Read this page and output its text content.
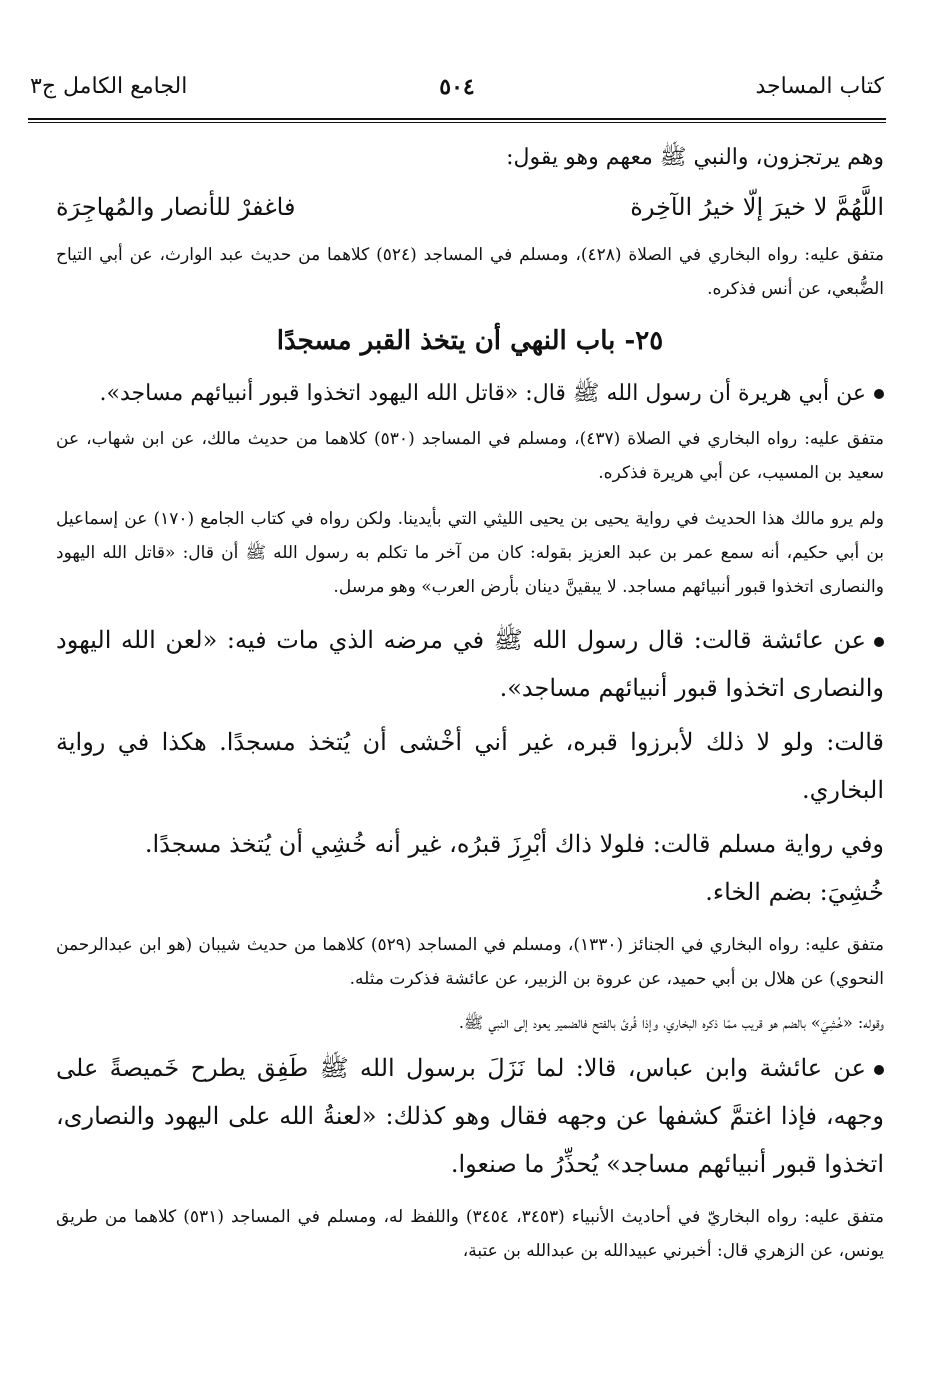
كتاب المساجد
٥٠٤
الجامع الكامل ج٣

وهم يرتجزون، والنبي ﷺ معهم وهو يقول:

اللَّهُمَّ لا خيرَ إلّا خيرُ الآخِرة
فاغفرْ للأنصار والمُهاجِرَة

متفق عليه: رواه البخاري في الصلاة (٤٢٨)، ومسلم في المساجد (٥٢٤) كلاهما من حديث عبد الوارث، عن أبي التياح الضُّبعي، عن أنس فذكره.

٢٥- باب النهي أن يتخذ القبر مسجدًا

عن أبي هريرة أن رسول الله ﷺ قال: «قاتل الله اليهود اتخذوا قبور أنبيائهم مساجد».

متفق عليه: رواه البخاري في الصلاة (٤٣٧)، ومسلم في المساجد (٥٣٠) كلاهما من حديث مالك، عن ابن شهاب، عن سعيد بن المسيب، عن أبي هريرة فذكره.

ولم يرو مالك هذا الحديث في رواية يحيى بن يحيى الليثي التي بأيدينا. ولكن رواه في كتاب الجامع (١٧٠) عن إسماعيل بن أبي حكيم، أنه سمع عمر بن عبد العزيز بقوله: كان من آخر ما تكلم به رسول الله ﷺ أن قال: «قاتل الله اليهود والنصارى اتخذوا قبور أنبيائهم مساجد. لا يبقينَّ دينان بأرض العرب» وهو مرسل.

عن عائشة قالت: قال رسول الله ﷺ في مرضه الذي مات فيه: «لعن الله اليهود والنصارى اتخذوا قبور أنبيائهم مساجد».

قالت: ولو لا ذلك لأبرزوا قبره، غير أني أخْشى أن يُتخذ مسجدًا. هكذا في رواية البخاري.

وفي رواية مسلم قالت: فلولا ذاك أبْرِزَ قبرُه، غير أنه خُشِي أن يُتخذ مسجدًا.

خُشِيَ: بضم الخاء.

متفق عليه: رواه البخاري في الجنائز (١٣٣٠)، ومسلم في المساجد (٥٢٩) كلاهما من حديث شيبان (هو ابن عبدالرحمن النحوي) عن هلال بن أبي حميد، عن عروة بن الزبير، عن عائشة فذكرت مثله.

وقوله: «خُشِيَ» بالضم هو قريب ممّا ذكره البخاري، وإذا قُرئ بالفتح فالضمير يعود إلى النبي ﷺ.

عن عائشة وابن عباس، قالا: لما نَزَلَ برسول الله ﷺ طَفِق يطرح خَميصةً على وجهه، فإذا اغتمَّ كشفها عن وجهه فقال وهو كذلك: «لعنةُ الله على اليهود والنصارى، اتخذوا قبور أنبيائهم مساجد» يُحذِّرُ ما صنعوا.

متفق عليه: رواه البخاريّ في أحاديث الأنبياء (٣٤٥٣، ٣٤٥٤) واللفظ له، ومسلم في المساجد (٥٣١) كلاهما من طريق يونس، عن الزهري قال: أخبرني عبيدالله بن عبدالله بن عتبة،
